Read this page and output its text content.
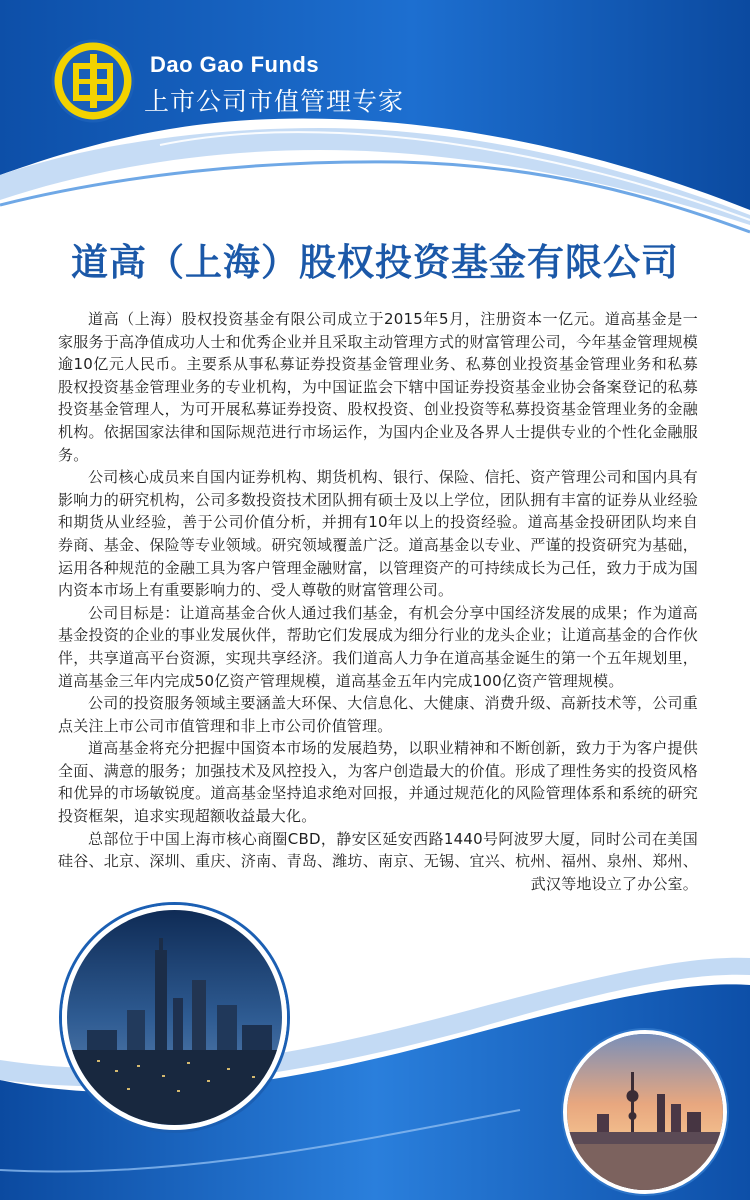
Dao Gao Funds
上市公司市值管理专家
道高（上海）股权投资基金有限公司

道高（上海）股权投资基金有限公司成立于2015年5月，注册资本一亿元。道高基金是一家服务于高净值成功人士和优秀企业并且采取主动管理方式的财富管理公司，今年基金管理规模逾10亿元人民币。主要系从事私募证券投资基金管理业务、私募创业投资基金管理业务和私募股权投资基金管理业务的专业机构，为中国证监会下辖中国证券投资基金业协会备案登记的私募投资基金管理人，为可开展私募证券投资、股权投资、创业投资等私募投资基金管理业务的金融机构。依据国家法律和国际规范进行市场运作，为国内企业及各界人士提供专业的个性化金融服务。

公司核心成员来自国内证券机构、期货机构、银行、保险、信托、资产管理公司和国内具有影响力的研究机构，公司多数投资技术团队拥有硕士及以上学位，团队拥有丰富的证券从业经验和期货从业经验，善于公司价值分析，并拥有10年以上的投资经验。道高基金投研团队均来自券商、基金、保险等专业领域。研究领域覆盖广泛。道高基金以专业、严谨的投资研究为基础，运用各种规范的金融工具为客户管理金融财富，以管理资产的可持续成长为己任，致力于成为国内资本市场上有重要影响力的、受人尊敬的财富管理公司。

公司目标是：让道高基金合伙人通过我们基金，有机会分享中国经济发展的成果；作为道高基金投资的企业的事业发展伙伴，帮助它们发展成为细分行业的龙头企业；让道高基金的合作伙伴，共享道高平台资源，实现共享经济。我们道高人力争在道高基金诞生的第一个五年规划里，道高基金三年内完成50亿资产管理规模，道高基金五年内完成100亿资产管理规模。

公司的投资服务领域主要涵盖大环保、大信息化、大健康、消费升级、高新技术等，公司重点关注上市公司市值管理和非上市公司价值管理。

道高基金将充分把握中国资本市场的发展趋势，以职业精神和不断创新，致力于为客户提供全面、满意的服务；加强技术及风控投入，为客户创造最大的价值。形成了理性务实的投资风格和优异的市场敏锐度。道高基金坚持追求绝对回报，并通过规范化的风险管理体系和系统的研究投资框架，追求实现超额收益最大化。

总部位于中国上海市核心商圈CBD，静安区延安西路1440号阿波罗大厦，同时公司在美国硅谷、北京、深圳、重庆、济南、青岛、潍坊、南京、无锡、宜兴、杭州、福州、泉州、郑州、武汉等地设立了办公室。
